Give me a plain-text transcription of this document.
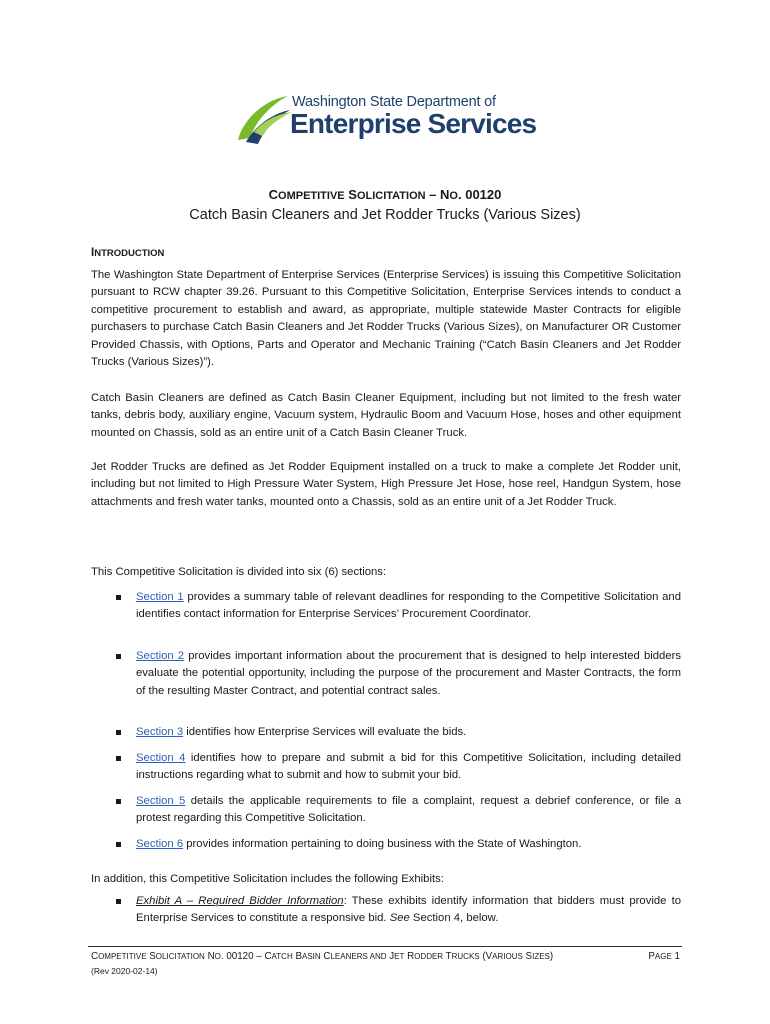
Washington State Department of
Enterprise Services
COMPETITIVE SOLICITATION – NO. 00120
Catch Basin Cleaners and Jet Rodder Trucks (Various Sizes)
INTRODUCTION
The Washington State Department of Enterprise Services (Enterprise Services) is issuing this Competitive Solicitation pursuant to RCW chapter 39.26. Pursuant to this Competitive Solicitation, Enterprise Services intends to conduct a competitive procurement to establish and award, as appropriate, multiple statewide Master Contracts for eligible purchasers to purchase Catch Basin Cleaners and Jet Rodder Trucks (Various Sizes), on Manufacturer OR Customer Provided Chassis, with Options, Parts and Operator and Mechanic Training (“Catch Basin Cleaners and Jet Rodder Trucks (Various Sizes)”).
Catch Basin Cleaners are defined as Catch Basin Cleaner Equipment, including but not limited to the fresh water tanks, debris body, auxiliary engine, Vacuum system, Hydraulic Boom and Vacuum Hose, hoses and other equipment mounted on Chassis, sold as an entire unit of a Catch Basin Cleaner Truck.
Jet Rodder Trucks are defined as Jet Rodder Equipment installed on a truck to make a complete Jet Rodder unit, including but not limited to High Pressure Water System, High Pressure Jet Hose, hose reel, Handgun System, hose attachments and fresh water tanks, mounted onto a Chassis, sold as an entire unit of a Jet Rodder Truck.
This Competitive Solicitation is divided into six (6) sections:
Section 1 provides a summary table of relevant deadlines for responding to the Competitive Solicitation and identifies contact information for Enterprise Services’ Procurement Coordinator.
Section 2 provides important information about the procurement that is designed to help interested bidders evaluate the potential opportunity, including the purpose of the procurement and Master Contracts, the form of the resulting Master Contract, and potential contract sales.
Section 3 identifies how Enterprise Services will evaluate the bids.
Section 4 identifies how to prepare and submit a bid for this Competitive Solicitation, including detailed instructions regarding what to submit and how to submit your bid.
Section 5 details the applicable requirements to file a complaint, request a debrief conference, or file a protest regarding this Competitive Solicitation.
Section 6 provides information pertaining to doing business with the State of Washington.
In addition, this Competitive Solicitation includes the following Exhibits:
Exhibit A – Required Bidder Information: These exhibits identify information that bidders must provide to Enterprise Services to constitute a responsive bid. See Section 4, below.
COMPETITIVE SOLICITATION NO. 00120 – CATCH BASIN CLEANERS AND JET RODDER TRUCKS (VARIOUS SIZES)	PAGE 1
(Rev 2020-02-14)
